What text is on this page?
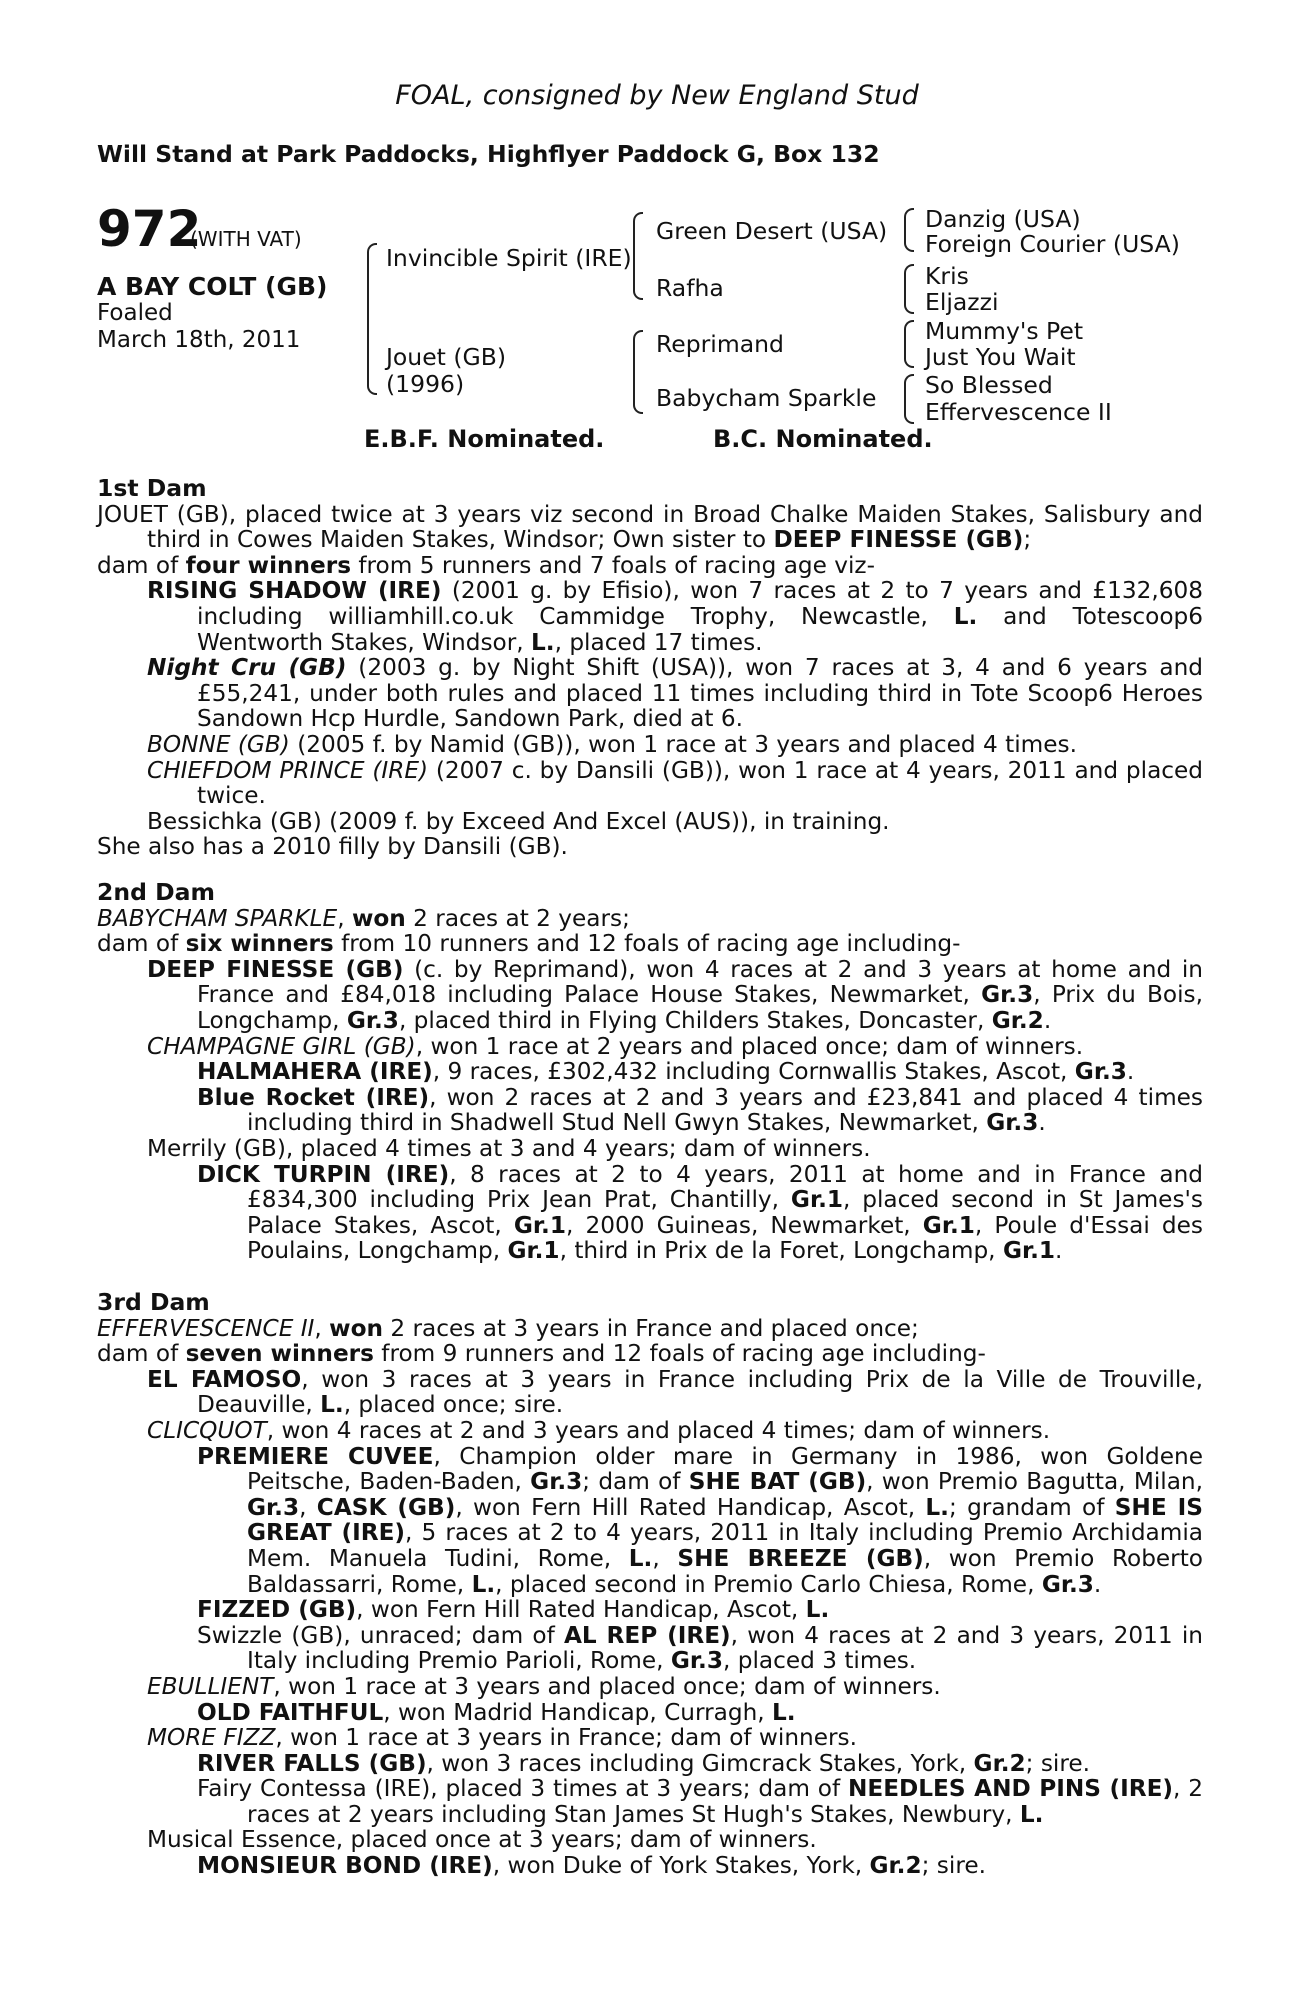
FOAL, consigned by New England Stud
Will Stand at Park Paddocks, Highflyer Paddock G, Box 132
972
(WITH VAT)
A BAY COLT (GB)
Foaled
March 18th, 2011
Invincible Spirit (IRE)
Jouet (GB)
(1996)
Green Desert (USA)
Rafha
Reprimand
Babycham Sparkle
Danzig (USA)
Foreign Courier (USA)
Kris
Eljazzi
Mummy's Pet
Just You Wait
So Blessed
Effervescence II
E.B.F. Nominated.	B.C. Nominated.

1st Dam

JOUET (GB), placed twice at 3 years viz second in Broad Chalke Maiden Stakes, Salisbury and third in Cowes Maiden Stakes, Windsor; Own sister to DEEP FINESSE (GB);

dam of four winners from 5 runners and 7 foals of racing age viz-

RISING SHADOW (IRE) (2001 g. by Efisio), won 7 races at 2 to 7 years and £132,608 including williamhill.co.uk Cammidge Trophy, Newcastle, L. and Totescoop6 Wentworth Stakes, Windsor, L., placed 17 times.

Night Cru (GB) (2003 g. by Night Shift (USA)), won 7 races at 3, 4 and 6 years and £55,241, under both rules and placed 11 times including third in Tote Scoop6 Heroes Sandown Hcp Hurdle, Sandown Park, died at 6.

BONNE (GB) (2005 f. by Namid (GB)), won 1 race at 3 years and placed 4 times.

CHIEFDOM PRINCE (IRE) (2007 c. by Dansili (GB)), won 1 race at 4 years, 2011 and placed twice.

Bessichka (GB) (2009 f. by Exceed And Excel (AUS)), in training.

She also has a 2010 filly by Dansili (GB).

2nd Dam

BABYCHAM SPARKLE, won 2 races at 2 years;

dam of six winners from 10 runners and 12 foals of racing age including-

DEEP FINESSE (GB) (c. by Reprimand), won 4 races at 2 and 3 years at home and in France and £84,018 including Palace House Stakes, Newmarket, Gr.3, Prix du Bois, Longchamp, Gr.3, placed third in Flying Childers Stakes, Doncaster, Gr.2.

CHAMPAGNE GIRL (GB), won 1 race at 2 years and placed once; dam of winners.

HALMAHERA (IRE), 9 races, £302,432 including Cornwallis Stakes, Ascot, Gr.3.

Blue Rocket (IRE), won 2 races at 2 and 3 years and £23,841 and placed 4 times including third in Shadwell Stud Nell Gwyn Stakes, Newmarket, Gr.3.

Merrily (GB), placed 4 times at 3 and 4 years; dam of winners.

DICK TURPIN (IRE), 8 races at 2 to 4 years, 2011 at home and in France and £834,300 including Prix Jean Prat, Chantilly, Gr.1, placed second in St James's Palace Stakes, Ascot, Gr.1, 2000 Guineas, Newmarket, Gr.1, Poule d'Essai des Poulains, Longchamp, Gr.1, third in Prix de la Foret, Longchamp, Gr.1.

3rd Dam

EFFERVESCENCE II, won 2 races at 3 years in France and placed once;

dam of seven winners from 9 runners and 12 foals of racing age including-

EL FAMOSO, won 3 races at 3 years in France including Prix de la Ville de Trouville, Deauville, L., placed once; sire.

CLICQUOT, won 4 races at 2 and 3 years and placed 4 times; dam of winners.

PREMIERE CUVEE, Champion older mare in Germany in 1986, won Goldene Peitsche, Baden-Baden, Gr.3; dam of SHE BAT (GB), won Premio Bagutta, Milan, Gr.3, CASK (GB), won Fern Hill Rated Handicap, Ascot, L.; grandam of SHE IS GREAT (IRE), 5 races at 2 to 4 years, 2011 in Italy including Premio Archidamia Mem. Manuela Tudini, Rome, L., SHE BREEZE (GB), won Premio Roberto Baldassarri, Rome, L., placed second in Premio Carlo Chiesa, Rome, Gr.3.

FIZZED (GB), won Fern Hill Rated Handicap, Ascot, L.

Swizzle (GB), unraced; dam of AL REP (IRE), won 4 races at 2 and 3 years, 2011 in Italy including Premio Parioli, Rome, Gr.3, placed 3 times.

EBULLIENT, won 1 race at 3 years and placed once; dam of winners.

OLD FAITHFUL, won Madrid Handicap, Curragh, L.

MORE FIZZ, won 1 race at 3 years in France; dam of winners.

RIVER FALLS (GB), won 3 races including Gimcrack Stakes, York, Gr.2; sire.

Fairy Contessa (IRE), placed 3 times at 3 years; dam of NEEDLES AND PINS (IRE), 2 races at 2 years including Stan James St Hugh's Stakes, Newbury, L.

Musical Essence, placed once at 3 years; dam of winners.

MONSIEUR BOND (IRE), won Duke of York Stakes, York, Gr.2; sire.
